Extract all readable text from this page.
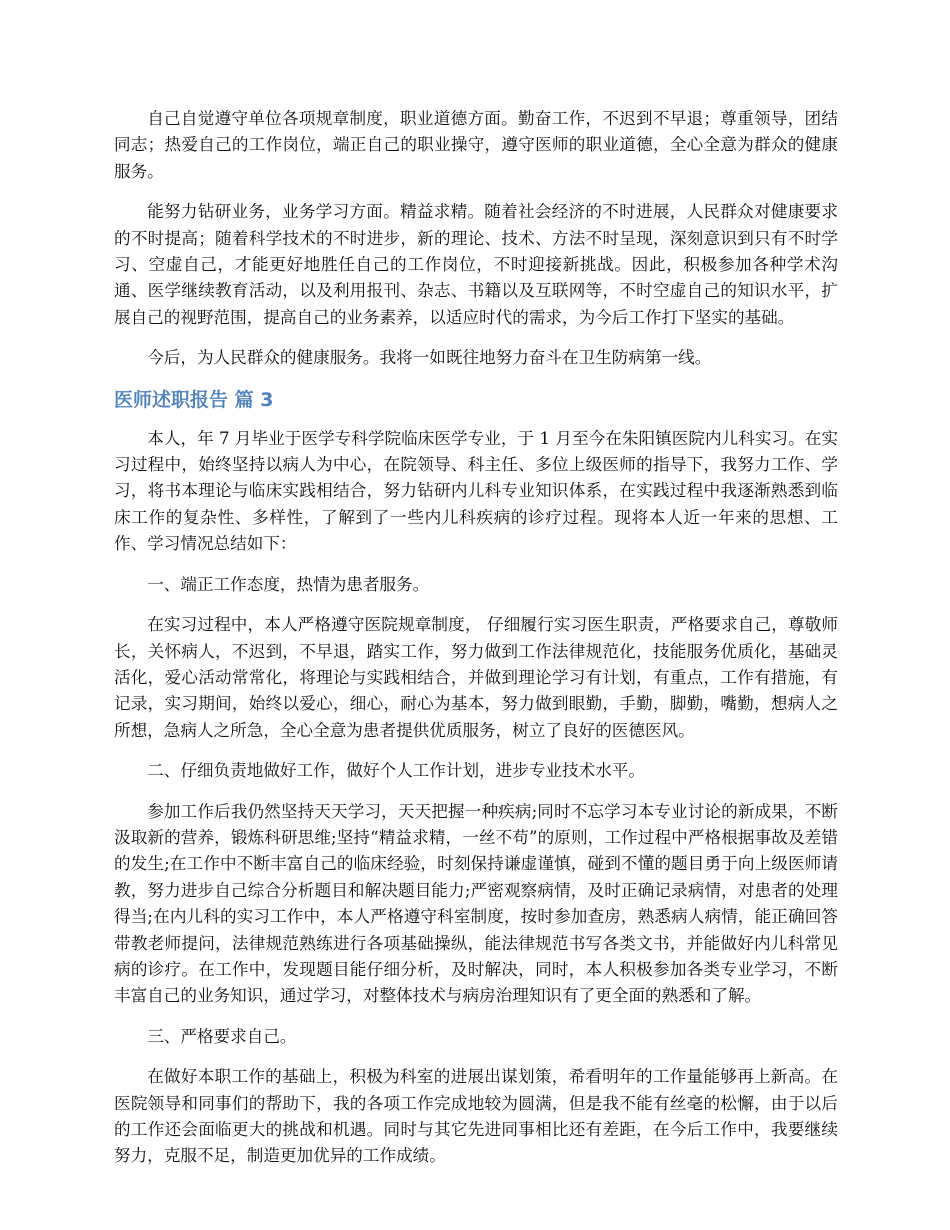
自己自觉遵守单位各项规章制度，职业道德方面。勤奋工作，不迟到不早退；尊重领导，团结同志；热爱自己的工作岗位，端正自己的职业操守，遵守医师的职业道德，全心全意为群众的健康服务。

能努力钻研业务，业务学习方面。精益求精。随着社会经济的不时进展，人民群众对健康要求的不时提高；随着科学技术的不时进步，新的理论、技术、方法不时呈现，深刻意识到只有不时学习、空虚自己，才能更好地胜任自己的工作岗位，不时迎接新挑战。因此，积极参加各种学术沟通、医学继续教育活动，以及利用报刊、杂志、书籍以及互联网等，不时空虚自己的知识水平，扩展自己的视野范围，提高自己的业务素养，以适应时代的需求，为今后工作打下坚实的基础。

今后，为人民群众的健康服务。我将一如既往地努力奋斗在卫生防病第一线。

医师述职报告 篇 3

本人，年 7 月毕业于医学专科学院临床医学专业，于 1 月至今在朱阳镇医院内儿科实习。在实习过程中，始终坚持以病人为中心，在院领导、科主任、多位上级医师的指导下，我努力工作、学习，将书本理论与临床实践相结合，努力钻研内儿科专业知识体系，在实践过程中我逐渐熟悉到临床工作的复杂性、多样性，了解到了一些内儿科疾病的诊疗过程。现将本人近一年来的思想、工作、学习情况总结如下：

一、端正工作态度，热情为患者服务。

在实习过程中，本人严格遵守医院规章制度， 仔细履行实习医生职责，严格要求自己，尊敬师长，关怀病人，不迟到，不早退，踏实工作，努力做到工作法律规范化，技能服务优质化，基础灵活化，爱心活动常常化，将理论与实践相结合，并做到理论学习有计划，有重点，工作有措施，有记录，实习期间，始终以爱心，细心，耐心为基本，努力做到眼勤，手勤，脚勤，嘴勤，想病人之所想，急病人之所急，全心全意为患者提供优质服务，树立了良好的医德医风。

二、仔细负责地做好工作，做好个人工作计划，进步专业技术水平。

参加工作后我仍然坚持天天学习，天天把握一种疾病;同时不忘学习本专业讨论的新成果，不断汲取新的营养，锻炼科研思维;坚持“精益求精，一丝不苟”的原则，工作过程中严格根据事故及差错的发生;在工作中不断丰富自己的临床经验，时刻保持谦虚谨慎，碰到不懂的题目勇于向上级医师请教，努力进步自己综合分析题目和解决题目能力;严密观察病情，及时正确记录病情，对患者的处理得当;在内儿科的实习工作中，本人严格遵守科室制度，按时参加查房，熟悉病人病情，能正确回答带教老师提问，法律规范熟练进行各项基础操纵，能法律规范书写各类文书，并能做好内儿科常见病的诊疗。在工作中，发现题目能仔细分析，及时解决，同时，本人积极参加各类专业学习，不断丰富自己的业务知识，通过学习，对整体技术与病房治理知识有了更全面的熟悉和了解。

三、严格要求自己。

在做好本职工作的基础上，积极为科室的进展出谋划策，希看明年的工作量能够再上新高。在医院领导和同事们的帮助下，我的各项工作完成地较为圆满，但是我不能有丝毫的松懈，由于以后的工作还会面临更大的挑战和机遇。同时与其它先进同事相比还有差距，在今后工作中，我要继续努力，克服不足，制造更加优异的工作成绩。
